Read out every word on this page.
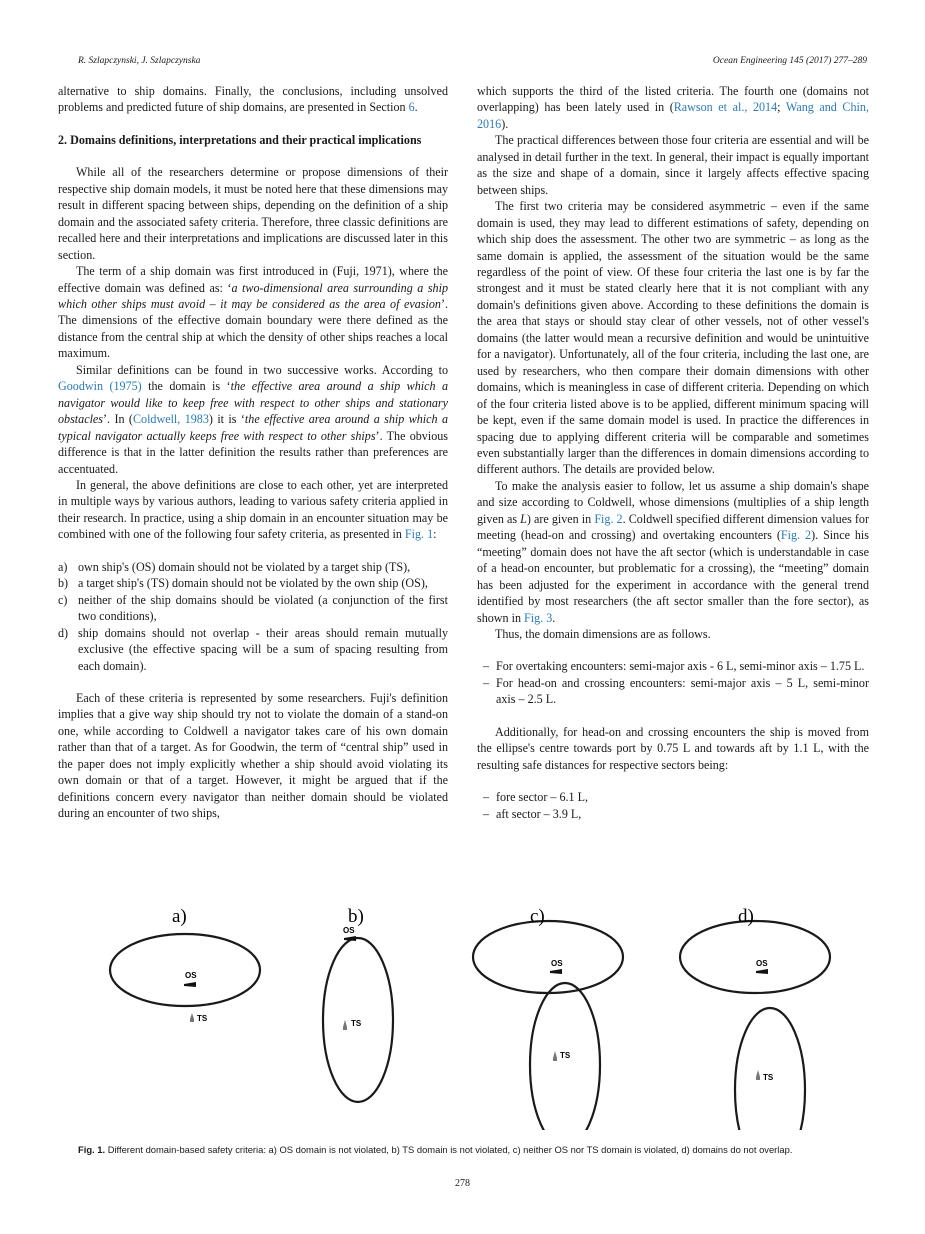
R. Szlapczynski, J. Szlapczynska	Ocean Engineering 145 (2017) 277–289

alternative to ship domains. Finally, the conclusions, including unsolved problems and predicted future of ship domains, are presented in Section 6.

2. Domains definitions, interpretations and their practical implications

While all of the researchers determine or propose dimensions of their respective ship domain models, it must be noted here that these dimensions may result in different spacing between ships, depending on the definition of a ship domain and the associated safety criteria. Therefore, three classic definitions are recalled here and their interpretations and implications are discussed later in this section.

The term of a ship domain was first introduced in (Fuji, 1971), where the effective domain was defined as: ‘a two-dimensional area surrounding a ship which other ships must avoid – it may be considered as the area of evasion’. The dimensions of the effective domain boundary were there defined as the distance from the central ship at which the density of other ships reaches a local maximum.

Similar definitions can be found in two successive works. According to Goodwin (1975) the domain is ‘the effective area around a ship which a navigator would like to keep free with respect to other ships and stationary obstacles’. In (Coldwell, 1983) it is ‘the effective area around a ship which a typical navigator actually keeps free with respect to other ships’. The obvious difference is that in the latter definition the results rather than preferences are accentuated.

In general, the above definitions are close to each other, yet are interpreted in multiple ways by various authors, leading to various safety criteria applied in their research. In practice, using a ship domain in an encounter situation may be combined with one of the following four safety criteria, as presented in Fig. 1:

a) own ship's (OS) domain should not be violated by a target ship (TS),
b) a target ship's (TS) domain should not be violated by the own ship (OS),
c) neither of the ship domains should be violated (a conjunction of the first two conditions),
d) ship domains should not overlap - their areas should remain mutually exclusive (the effective spacing will be a sum of spacing resulting from each domain).

Each of these criteria is represented by some researchers. Fuji's definition implies that a give way ship should try not to violate the domain of a stand-on one, while according to Coldwell a navigator takes care of his own domain rather than that of a target. As for Goodwin, the term of “central ship” used in the paper does not imply explicitly whether a ship should avoid violating its own domain or that of a target. However, it might be argued that if the definitions concern every navigator than neither domain should be violated during an encounter of two ships,

which supports the third of the listed criteria. The fourth one (domains not overlapping) has been lately used in (Rawson et al., 2014; Wang and Chin, 2016).

The practical differences between those four criteria are essential and will be analysed in detail further in the text. In general, their impact is equally important as the size and shape of a domain, since it largely affects effective spacing between ships.

The first two criteria may be considered asymmetric – even if the same domain is used, they may lead to different estimations of safety, depending on which ship does the assessment. The other two are symmetric – as long as the same domain is applied, the assessment of the situation would be the same regardless of the point of view. Of these four criteria the last one is by far the strongest and it must be stated clearly here that it is not compliant with any domain's definitions given above. According to these definitions the domain is the area that stays or should stay clear of other vessels, not of other vessel's domains (the latter would mean a recursive definition and would be unintuitive for a navigator). Unfortunately, all of the four criteria, including the last one, are used by researchers, who then compare their domain dimensions with other domains, which is meaningless in case of different criteria. Depending on which of the four criteria listed above is to be applied, different minimum spacing will be kept, even if the same domain model is used. In practice the differences in spacing due to applying different criteria will be comparable and sometimes even substantially larger than the differences in domain dimensions according to different authors. The details are provided below.

To make the analysis easier to follow, let us assume a ship domain's shape and size according to Coldwell, whose dimensions (multiplies of a ship length given as L) are given in Fig. 2. Coldwell specified different dimension values for meeting (head-on and crossing) and overtaking encounters (Fig. 2). Since his “meeting” domain does not have the aft sector (which is understandable in case of a head-on encounter, but problematic for a crossing), the “meeting” domain has been adjusted for the experiment in accordance with the general trend identified by most researchers (the aft sector smaller than the fore sector), as shown in Fig. 3.

Thus, the domain dimensions are as follows.

– For overtaking encounters: semi-major axis - 6 L, semi-minor axis – 1.75 L.
– For head-on and crossing encounters: semi-major axis – 5 L, semi-minor axis – 2.5 L.

Additionally, for head-on and crossing encounters the ship is moved from the ellipse's centre towards port by 0.75 L and towards aft by 1.1 L, with the resulting safe distances for respective sectors being:

– fore sector – 6.1 L,
– aft sector – 3.9 L,
a)	b)	c)	d)
OS
TS
OS
TS
OS
TS
OS
TS
Fig. 1. Different domain-based safety criteria: a) OS domain is not violated, b) TS domain is not violated, c) neither OS nor TS domain is violated, d) domains do not overlap.
278
